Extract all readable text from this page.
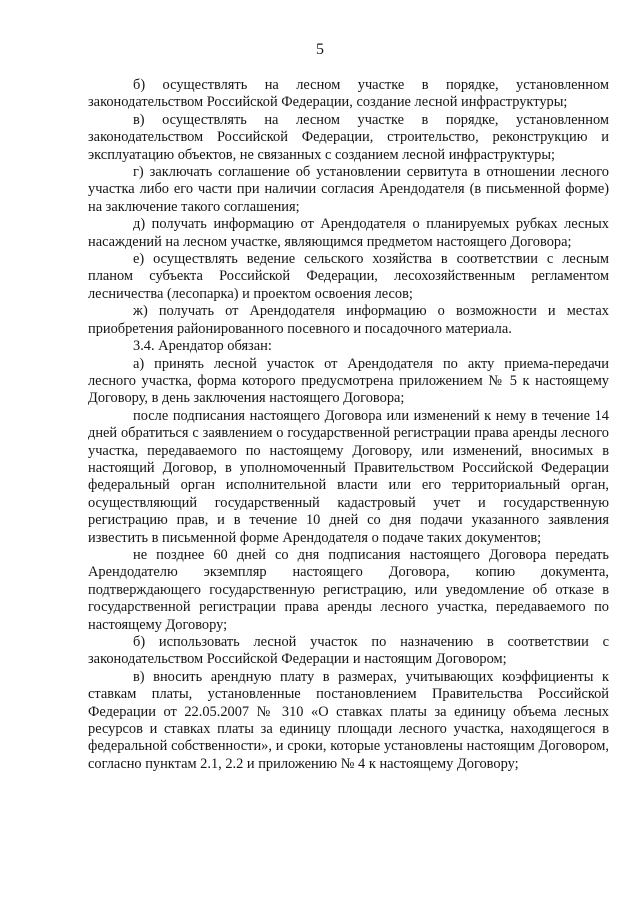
5

б) осуществлять на лесном участке в порядке, установленном законодательством Российской Федерации, создание лесной инфраструктуры;

в) осуществлять на лесном участке в порядке, установленном законодательством Российской Федерации, строительство, реконструкцию и эксплуатацию объектов, не связанных с созданием лесной инфраструктуры;

г) заключать соглашение об установлении сервитута в отношении лесного участка либо его части при наличии согласия Арендодателя (в письменной форме) на заключение такого соглашения;

д) получать информацию от Арендодателя о планируемых рубках лесных насаждений на лесном участке, являющимся предметом настоящего Договора;

е) осуществлять ведение сельского хозяйства в соответствии с лесным планом субъекта Российской Федерации, лесохозяйственным регламентом лесничества (лесопарка) и проектом освоения лесов;

ж) получать от Арендодателя информацию о возможности и местах приобретения районированного посевного и посадочного материала.

3.4. Арендатор обязан:

а) принять лесной участок от Арендодателя по акту приема-передачи лесного участка, форма которого предусмотрена приложением № 5 к настоящему Договору, в день заключения настоящего Договора;

после подписания настоящего Договора или изменений к нему в течение 14 дней обратиться с заявлением о государственной регистрации права аренды лесного участка, передаваемого по настоящему Договору, или изменений, вносимых в настоящий Договор, в уполномоченный Правительством Российской Федерации федеральный орган исполнительной власти или его территориальный орган, осуществляющий государственный кадастровый учет и государственную регистрацию прав, и в течение 10 дней со дня подачи указанного заявления известить в письменной форме Арендодателя о подаче таких документов;

не позднее 60 дней со дня подписания настоящего Договора передать Арендодателю экземпляр настоящего Договора, копию документа, подтверждающего государственную регистрацию, или уведомление об отказе в государственной регистрации права аренды лесного участка, передаваемого по настоящему Договору;

б) использовать лесной участок по назначению в соответствии с законодательством Российской Федерации и настоящим Договором;

в) вносить арендную плату в размерах, учитывающих коэффициенты к ставкам платы, установленные постановлением Правительства Российской Федерации от 22.05.2007 № 310 «О ставках платы за единицу объема лесных ресурсов и ставках платы за единицу площади лесного участка, находящегося в федеральной собственности», и сроки, которые установлены настоящим Договором, согласно пунктам 2.1, 2.2 и приложению № 4 к настоящему Договору;
